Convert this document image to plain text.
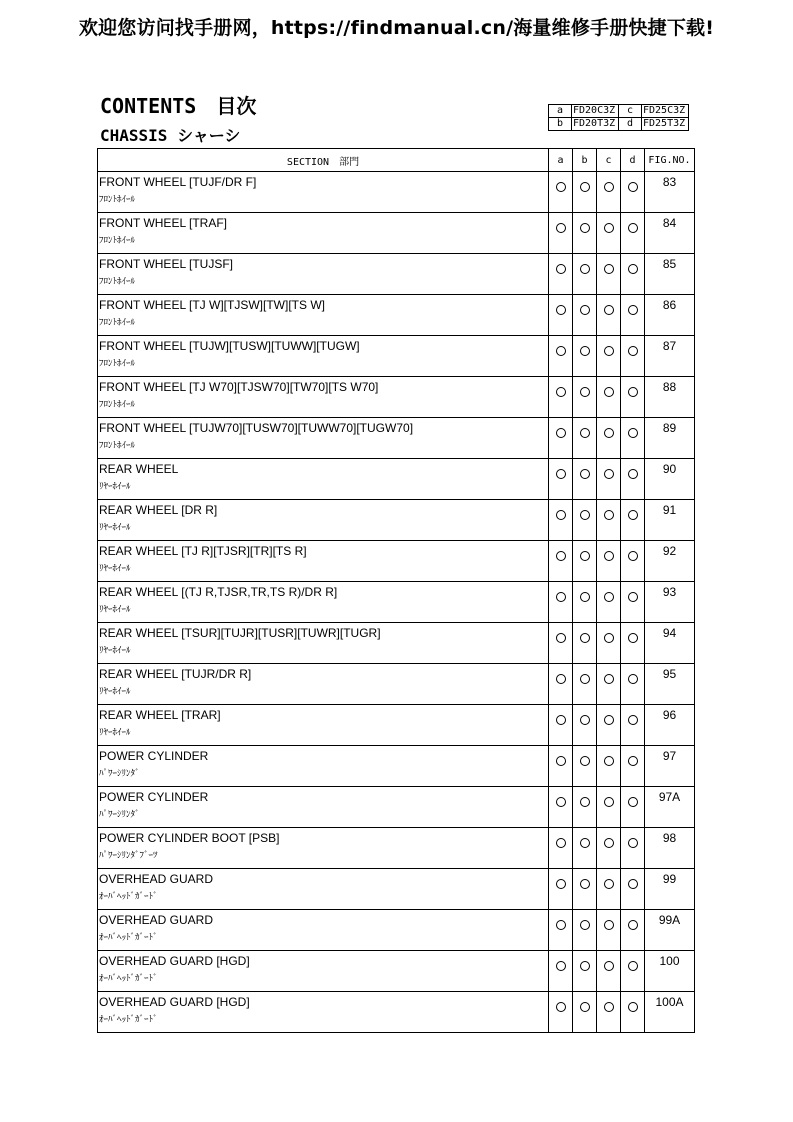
欢迎您访问找手册网，https://findmanual.cn/海量维修手册快捷下载!
CONTENTS　目次
CHASSIS シャーシ
a	FD20C3Z	c	FD25C3Z
b	FD20T3Z	d	FD25T3Z
SECTION　部門	a	b	c	d	FIG.NO.

FRONT WHEEL [TUJF/DR F]
ﾌﾛﾝﾄﾎｲｰﾙ					83

FRONT WHEEL [TRAF]
ﾌﾛﾝﾄﾎｲｰﾙ					84

FRONT WHEEL [TUJSF]
ﾌﾛﾝﾄﾎｲｰﾙ					85

FRONT WHEEL [TJ W][TJSW][TW][TS W]
ﾌﾛﾝﾄﾎｲｰﾙ					86

FRONT WHEEL [TUJW][TUSW][TUWW][TUGW]
ﾌﾛﾝﾄﾎｲｰﾙ					87

FRONT WHEEL [TJ W70][TJSW70][TW70][TS W70]
ﾌﾛﾝﾄﾎｲｰﾙ					88

FRONT WHEEL [TUJW70][TUSW70][TUWW70][TUGW70]
ﾌﾛﾝﾄﾎｲｰﾙ					89

REAR WHEEL
ﾘﾔｰﾎｲｰﾙ					90

REAR WHEEL [DR R]
ﾘﾔｰﾎｲｰﾙ					91

REAR WHEEL [TJ R][TJSR][TR][TS R]
ﾘﾔｰﾎｲｰﾙ					92

REAR WHEEL [(TJ R,TJSR,TR,TS R)/DR R]
ﾘﾔｰﾎｲｰﾙ					93

REAR WHEEL [TSUR][TUJR][TUSR][TUWR][TUGR]
ﾘﾔｰﾎｲｰﾙ					94

REAR WHEEL [TUJR/DR R]
ﾘﾔｰﾎｲｰﾙ					95

REAR WHEEL [TRAR]
ﾘﾔｰﾎｲｰﾙ					96

POWER CYLINDER
ﾊﾟﾜｰｼﾘﾝﾀﾞ					97

POWER CYLINDER
ﾊﾟﾜｰｼﾘﾝﾀﾞ					97A

POWER CYLINDER BOOT [PSB]
ﾊﾟﾜｰｼﾘﾝﾀﾞﾌﾞｰﾂ					98

OVERHEAD GUARD
ｵｰﾊﾞﾍｯﾄﾞｶﾞｰﾄﾞ					99

OVERHEAD GUARD
ｵｰﾊﾞﾍｯﾄﾞｶﾞｰﾄﾞ					99A

OVERHEAD GUARD [HGD]
ｵｰﾊﾞﾍｯﾄﾞｶﾞｰﾄﾞ					100

OVERHEAD GUARD [HGD]
ｵｰﾊﾞﾍｯﾄﾞｶﾞｰﾄﾞ					100A
